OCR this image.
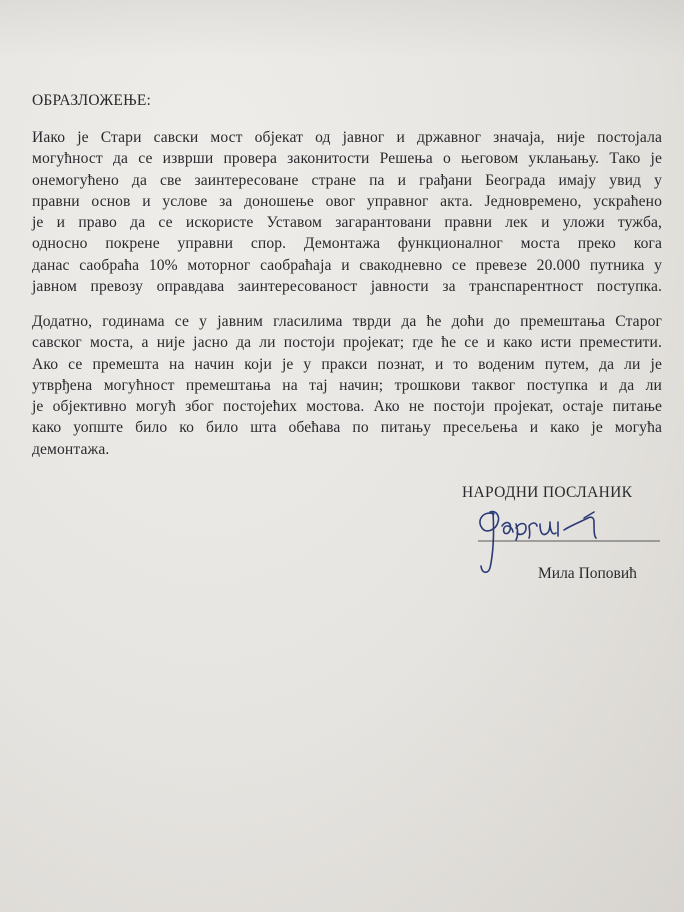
ОБРАЗЛОЖЕЊЕ:
Иако је Стари савски мост објекат од јавног и државног значаја, није постојала
могућност да се изврши провера законитости Решења о његовом уклањању. Тако је
онемогућено да све заинтересоване стране па и грађани Београда имају увид у
правни основ и услове за доношење овог управног акта. Једновремено, ускраћено
је и право да се искористе Уставом загарантовани правни лек и уложи тужба,
односно покрене управни спор. Демонтажа функционалног моста преко кога
данас саобраћа 10% моторног саобраћаја и свакодневно се превезе 20.000 путника у
јавном превозу оправдава заинтересованост јавности за транспарентност поступка.
Додатно, годинама се у јавним гласилима тврди да ће доћи до премештања Старог
савског моста, а није јасно да ли постоји пројекат; где ће се и како исти преместити.
Ако се премешта на начин који је у пракси познат, и то воденим путем, да ли је
утврђена могућност премештања на тај начин; трошкови таквог поступка и да ли
је објективно могућ због постојећих мостова. Ако не постоји пројекат, остаје питање
како уопште било ко било шта обећава по питању пресељења и како је могућа
демонтажа.
НАРОДНИ ПОСЛАНИК
Мила Поповић
